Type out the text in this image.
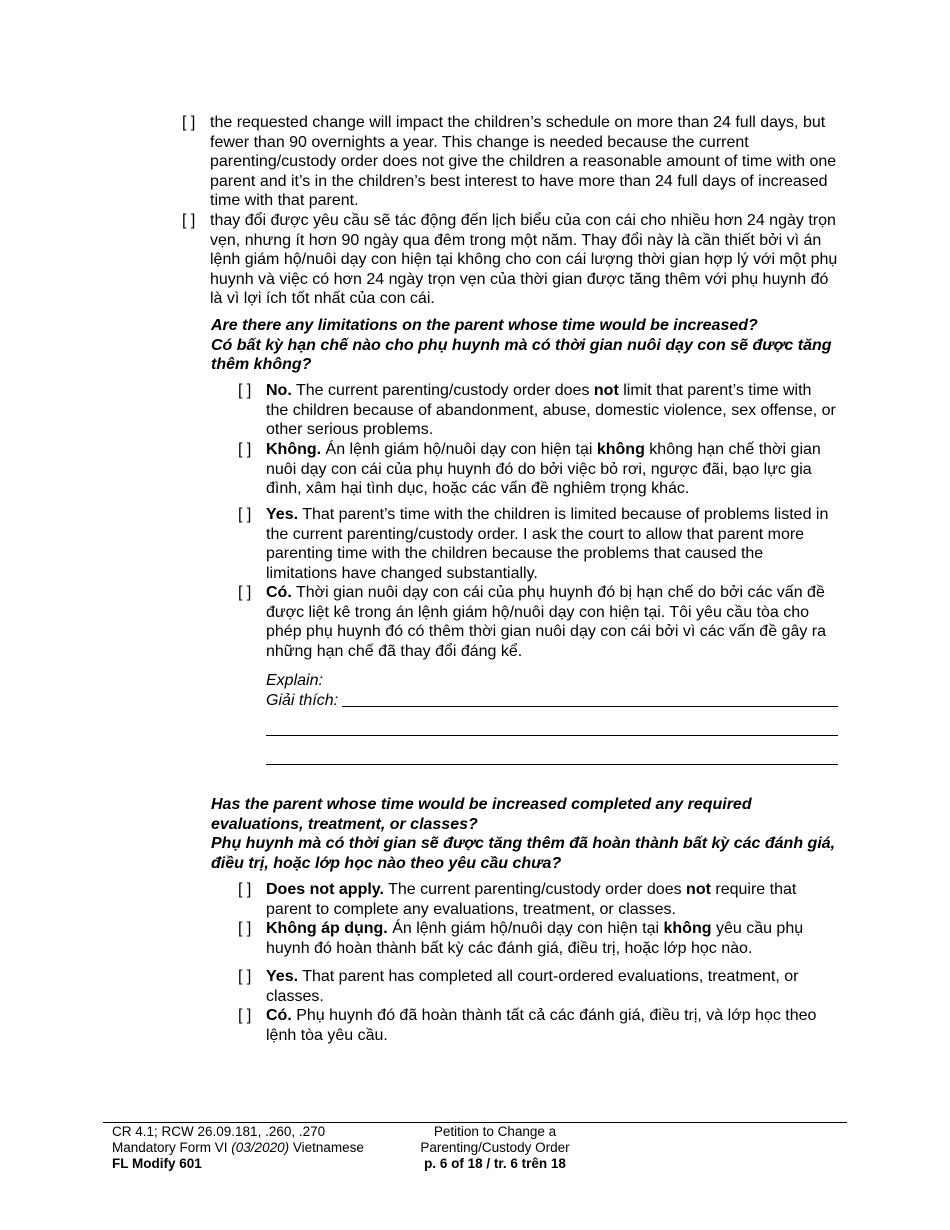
[ ] the requested change will impact the children’s schedule on more than 24 full days, but fewer than 90 overnights a year. This change is needed because the current parenting/custody order does not give the children a reasonable amount of time with one parent and it’s in the children’s best interest to have more than 24 full days of increased time with that parent.
[ ] thay đổi được yêu cầu sẽ tác động đến lịch biểu của con cái cho nhiều hơn 24 ngày trọn vẹn, nhưng ít hơn 90 ngày qua đêm trong một năm. Thay đổi này là cần thiết bởi vì án lệnh giám hộ/nuôi dạy con hiện tại không cho con cái lượng thời gian hợp lý với một phụ huynh và việc có hơn 24 ngày trọn vẹn của thời gian được tăng thêm với phụ huynh đó là vì lợi ích tốt nhất của con cái.
Are there any limitations on the parent whose time would be increased?
Có bất kỳ hạn chế nào cho phụ huynh mà có thời gian nuôi dạy con sẽ được tăng thêm không?
[ ] No. The current parenting/custody order does not limit that parent’s time with the children because of abandonment, abuse, domestic violence, sex offense, or other serious problems.
[ ] Không. Án lệnh giám hộ/nuôi dạy con hiện tại không không hạn chế thời gian nuôi dạy con cái của phụ huynh đó do bởi việc bỏ rơi, ngược đãi, bạo lực gia đình, xâm hại tình dục, hoặc các vấn đề nghiêm trọng khác.
[ ] Yes. That parent’s time with the children is limited because of problems listed in the current parenting/custody order. I ask the court to allow that parent more parenting time with the children because the problems that caused the limitations have changed substantially.
[ ] Có. Thời gian nuôi dạy con cái của phụ huynh đó bị hạn chế do bởi các vấn đề được liệt kê trong án lệnh giám hộ/nuôi dạy con hiện tại. Tôi yêu cầu tòa cho phép phụ huynh đó có thêm thời gian nuôi dạy con cái bởi vì các vấn đề gây ra những hạn chế đã thay đổi đáng kể.
Explain:
Giải thích:
Has the parent whose time would be increased completed any required evaluations, treatment, or classes?
Phụ huynh mà có thời gian sẽ được tăng thêm đã hoàn thành bất kỳ các đánh giá, điều trị, hoặc lớp học nào theo yêu cầu chưa?
[ ] Does not apply. The current parenting/custody order does not require that parent to complete any evaluations, treatment, or classes.
[ ] Không áp dụng. Án lệnh giám hộ/nuôi dạy con hiện tại không yêu cầu phụ huynh đó hoàn thành bất kỳ các đánh giá, điều trị, hoặc lớp học nào.
[ ] Yes. That parent has completed all court-ordered evaluations, treatment, or classes.
[ ] Có. Phụ huynh đó đã hoàn thành tất cả các đánh giá, điều trị, và lớp học theo lệnh tòa yêu cầu.
CR 4.1; RCW 26.09.181, .260, .270
Mandatory Form VI (03/2020) Vietnamese
FL Modify 601
Petition to Change a
Parenting/Custody Order
p. 6 of 18 / tr. 6 trên 18
